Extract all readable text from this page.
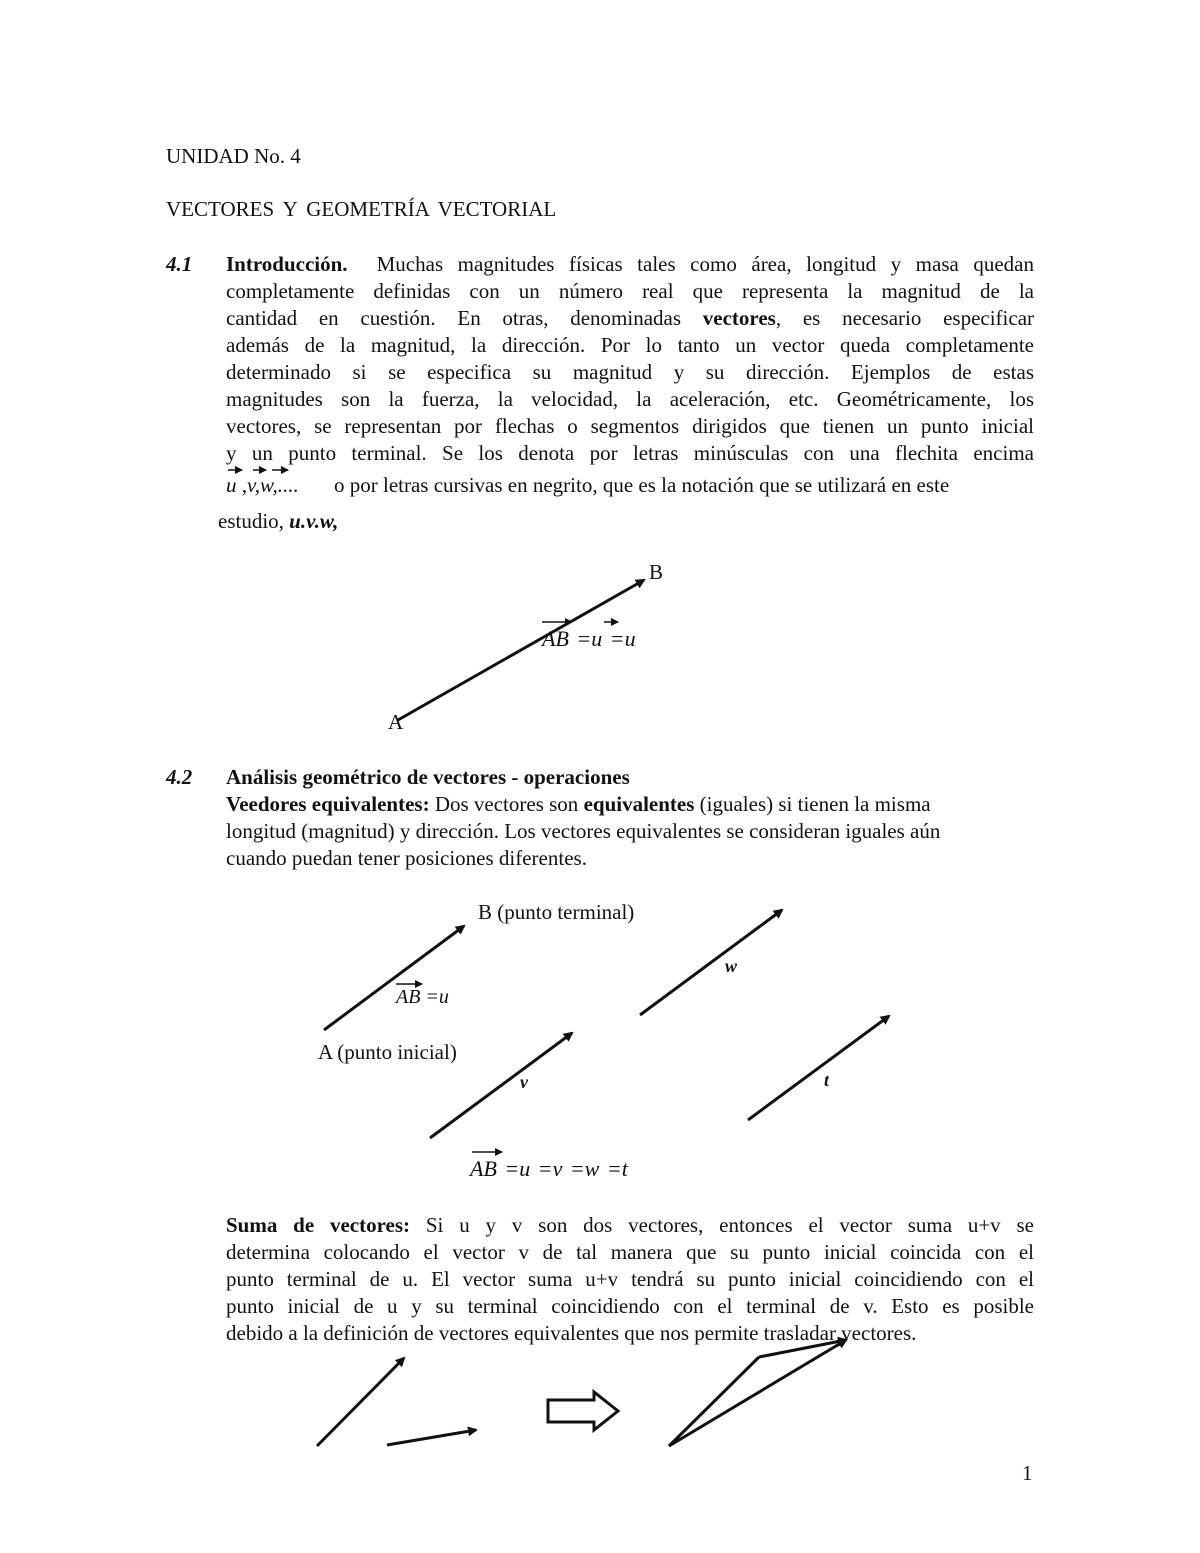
UNIDAD No. 4
VECTORES Y GEOMETRÍA VECTORIAL
4.1 Introducción. Muchas magnitudes físicas tales como área, longitud y masa quedan
completamente definidas con un número real que representa la magnitud de la
cantidad en cuestión. En otras, denominadas vectores, es necesario especificar
además de la magnitud, la dirección. Por lo tanto un vector queda completamente
determinado si se especifica su magnitud y su dirección. Ejemplos de estas
magnitudes son la fuerza, la velocidad, la aceleración, etc. Geométricamente, los
vectores, se representan por flechas o segmentos dirigidos que tienen un punto inicial
y un punto terminal. Se los denota por letras minúsculas con una flechita encima
u ,v,w,.... o por letras cursivas en negrito, que es la notación que se utilizará en este
estudio, u.v.w,
B
A
AB =u =u
4.2 Análisis geométrico de vectores - operaciones
Veedores equivalentes: Dos vectores son equivalentes (iguales) si tienen la misma
longitud (magnitud) y dirección. Los vectores equivalentes se consideran iguales aún
cuando puedan tener posiciones diferentes.
B (punto terminal)
A (punto inicial)
AB =u
w
v	t
AB =u =v =w =t
Suma de vectores: Si u y v son dos vectores, entonces el vector suma u+v se
determina colocando el vector v de tal manera que su punto inicial coincida con el
punto terminal de u. El vector suma u+v tendrá su punto inicial coincidiendo con el
punto inicial de u y su terminal coincidiendo con el terminal de v. Esto es posible
debido a la definición de vectores equivalentes que nos permite trasladar vectores.
1
